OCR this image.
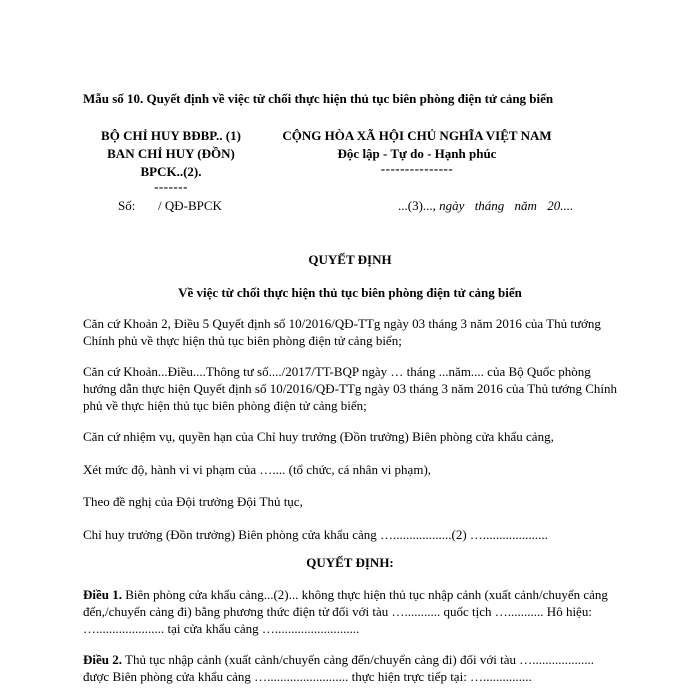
Mẫu số 10. Quyết định về việc từ chối thực hiện thủ tục biên phòng điện tử cảng biển
BỘ CHỈ HUY BĐBP.. (1)
BAN CHỈ HUY (ĐỒN)
BPCK..(2).
-------
CỘNG HÒA XÃ HỘI CHỦ NGHĨA VIỆT NAM
Độc lập - Tự do - Hạnh phúc
---------------
Số: / QĐ-BPCK	...(3)..., ngày tháng năm 20....
QUYẾT ĐỊNH
Về việc từ chối thực hiện thủ tục biên phòng điện tử cảng biển
Căn cứ Khoản 2, Điều 5 Quyết định số 10/2016/QĐ-TTg ngày 03 tháng 3 năm 2016 của Thủ tướng Chính phủ về thực hiện thủ tục biên phòng điện tử cảng biển;
Căn cứ Khoản...Điều....Thông tư số..../2017/TT-BQP ngày … tháng ...năm.... của Bộ Quốc phòng hướng dẫn thực hiện Quyết định số 10/2016/QĐ-TTg ngày 03 tháng 3 năm 2016 của Thủ tướng Chính phủ về thực hiện thủ tục biên phòng điện tử cảng biển;
Căn cứ nhiệm vụ, quyền hạn của Chỉ huy trưởng (Đồn trưởng) Biên phòng cửa khẩu cảng,
Xét mức độ, hành vi vi phạm của ….... (tổ chức, cá nhân vi phạm),
Theo đề nghị của Đội trưởng Đội Thủ tục,
Chỉ huy trưởng (Đồn trưởng) Biên phòng cửa khẩu cảng …..................(2) …....................
QUYẾT ĐỊNH:
Điều 1. Biên phòng cửa khẩu cảng...(2)... không thực hiện thủ tục nhập cảnh (xuất cảnh/chuyển cảng đến,/chuyển cảng đi) bằng phương thức điện tử đối với tàu …........... quốc tịch …........... Hô hiệu: …..................... tại cửa khẩu cảng …..........................
Điều 2. Thủ tục nhập cảnh (xuất cảnh/chuyển cảng đến/chuyển cảng đi) đối với tàu …................... được Biên phòng cửa khẩu cảng …......................... thực hiện trực tiếp tại: …...............
